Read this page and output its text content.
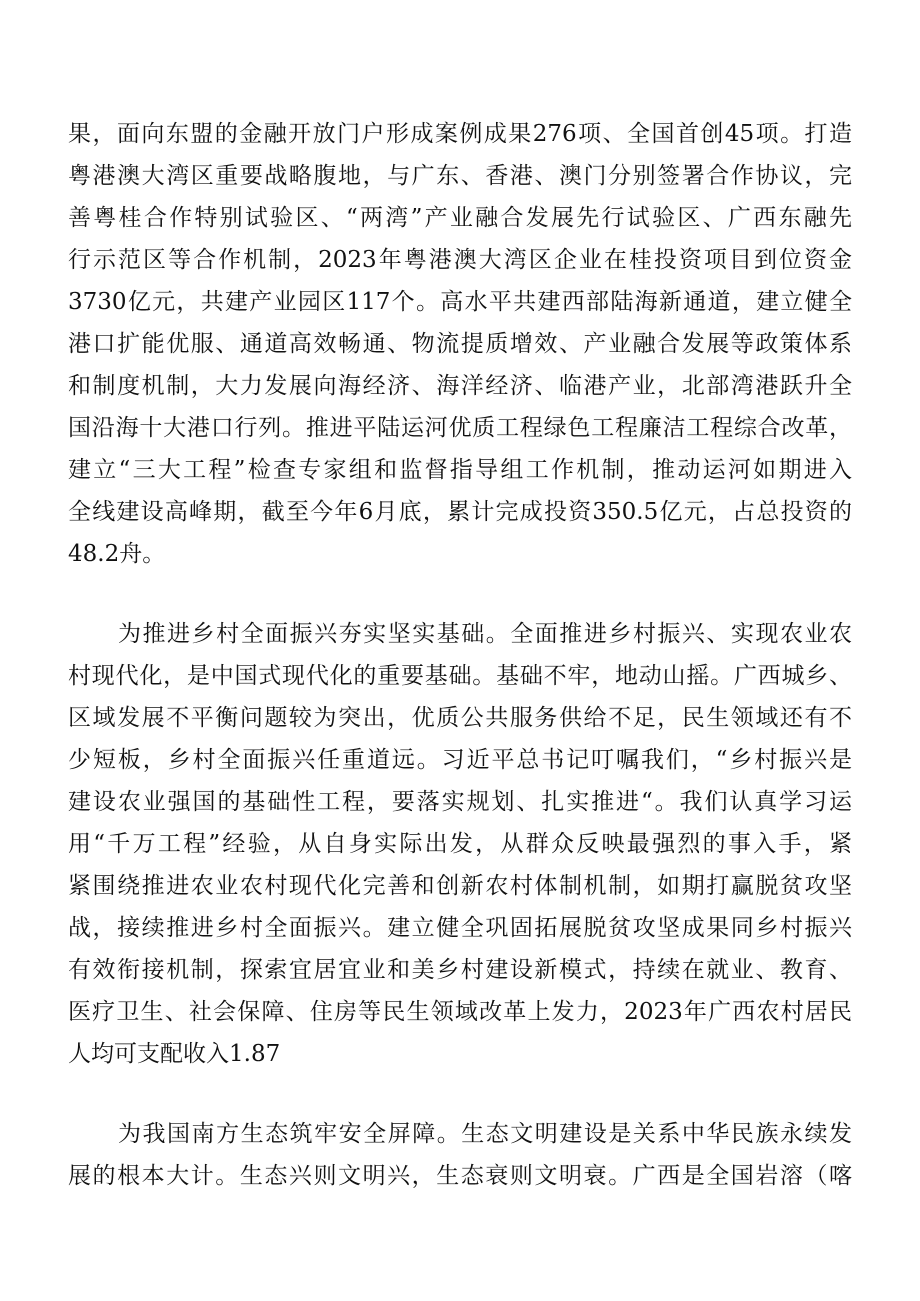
果，面向东盟的金融开放门户形成案例成果276项、全国首创45项。打造
粤港澳大湾区重要战略腹地，与广东、香港、澳门分别签署合作协议，完
善粤桂合作特别试验区、“两湾”产业融合发展先行试验区、广西东融先
行示范区等合作机制，2023年粤港澳大湾区企业在桂投资项目到位资金
3730亿元，共建产业园区117个。高水平共建西部陆海新通道，建立健全
港口扩能优服、通道高效畅通、物流提质增效、产业融合发展等政策体系
和制度机制，大力发展向海经济、海洋经济、临港产业，北部湾港跃升全
国沿海十大港口行列。推进平陆运河优质工程绿色工程廉洁工程综合改革，
建立“三大工程”检查专家组和监督指导组工作机制，推动运河如期进入
全线建设高峰期，截至今年6月底，累计完成投资350.5亿元，占总投资的
48.2舟。
为推进乡村全面振兴夯实坚实基础。全面推进乡村振兴、实现农业农
村现代化，是中国式现代化的重要基础。基础不牢，地动山摇。广西城乡、
区域发展不平衡问题较为突出，优质公共服务供给不足，民生领域还有不
少短板，乡村全面振兴任重道远。习近平总书记叮嘱我们，“乡村振兴是
建设农业强国的基础性工程，要落实规划、扎实推进“。我们认真学习运
用“千万工程”经验，从自身实际出发，从群众反映最强烈的事入手，紧
紧围绕推进农业农村现代化完善和创新农村体制机制，如期打赢脱贫攻坚
战，接续推进乡村全面振兴。建立健全巩固拓展脱贫攻坚成果同乡村振兴
有效衔接机制，探索宜居宜业和美乡村建设新模式，持续在就业、教育、
医疗卫生、社会保障、住房等民生领域改革上发力，2023年广西农村居民
人均可支配收入1.87
为我国南方生态筑牢安全屏障。生态文明建设是关系中华民族永续发
展的根本大计。生态兴则文明兴，生态衰则文明衰。广西是全国岩溶（喀
